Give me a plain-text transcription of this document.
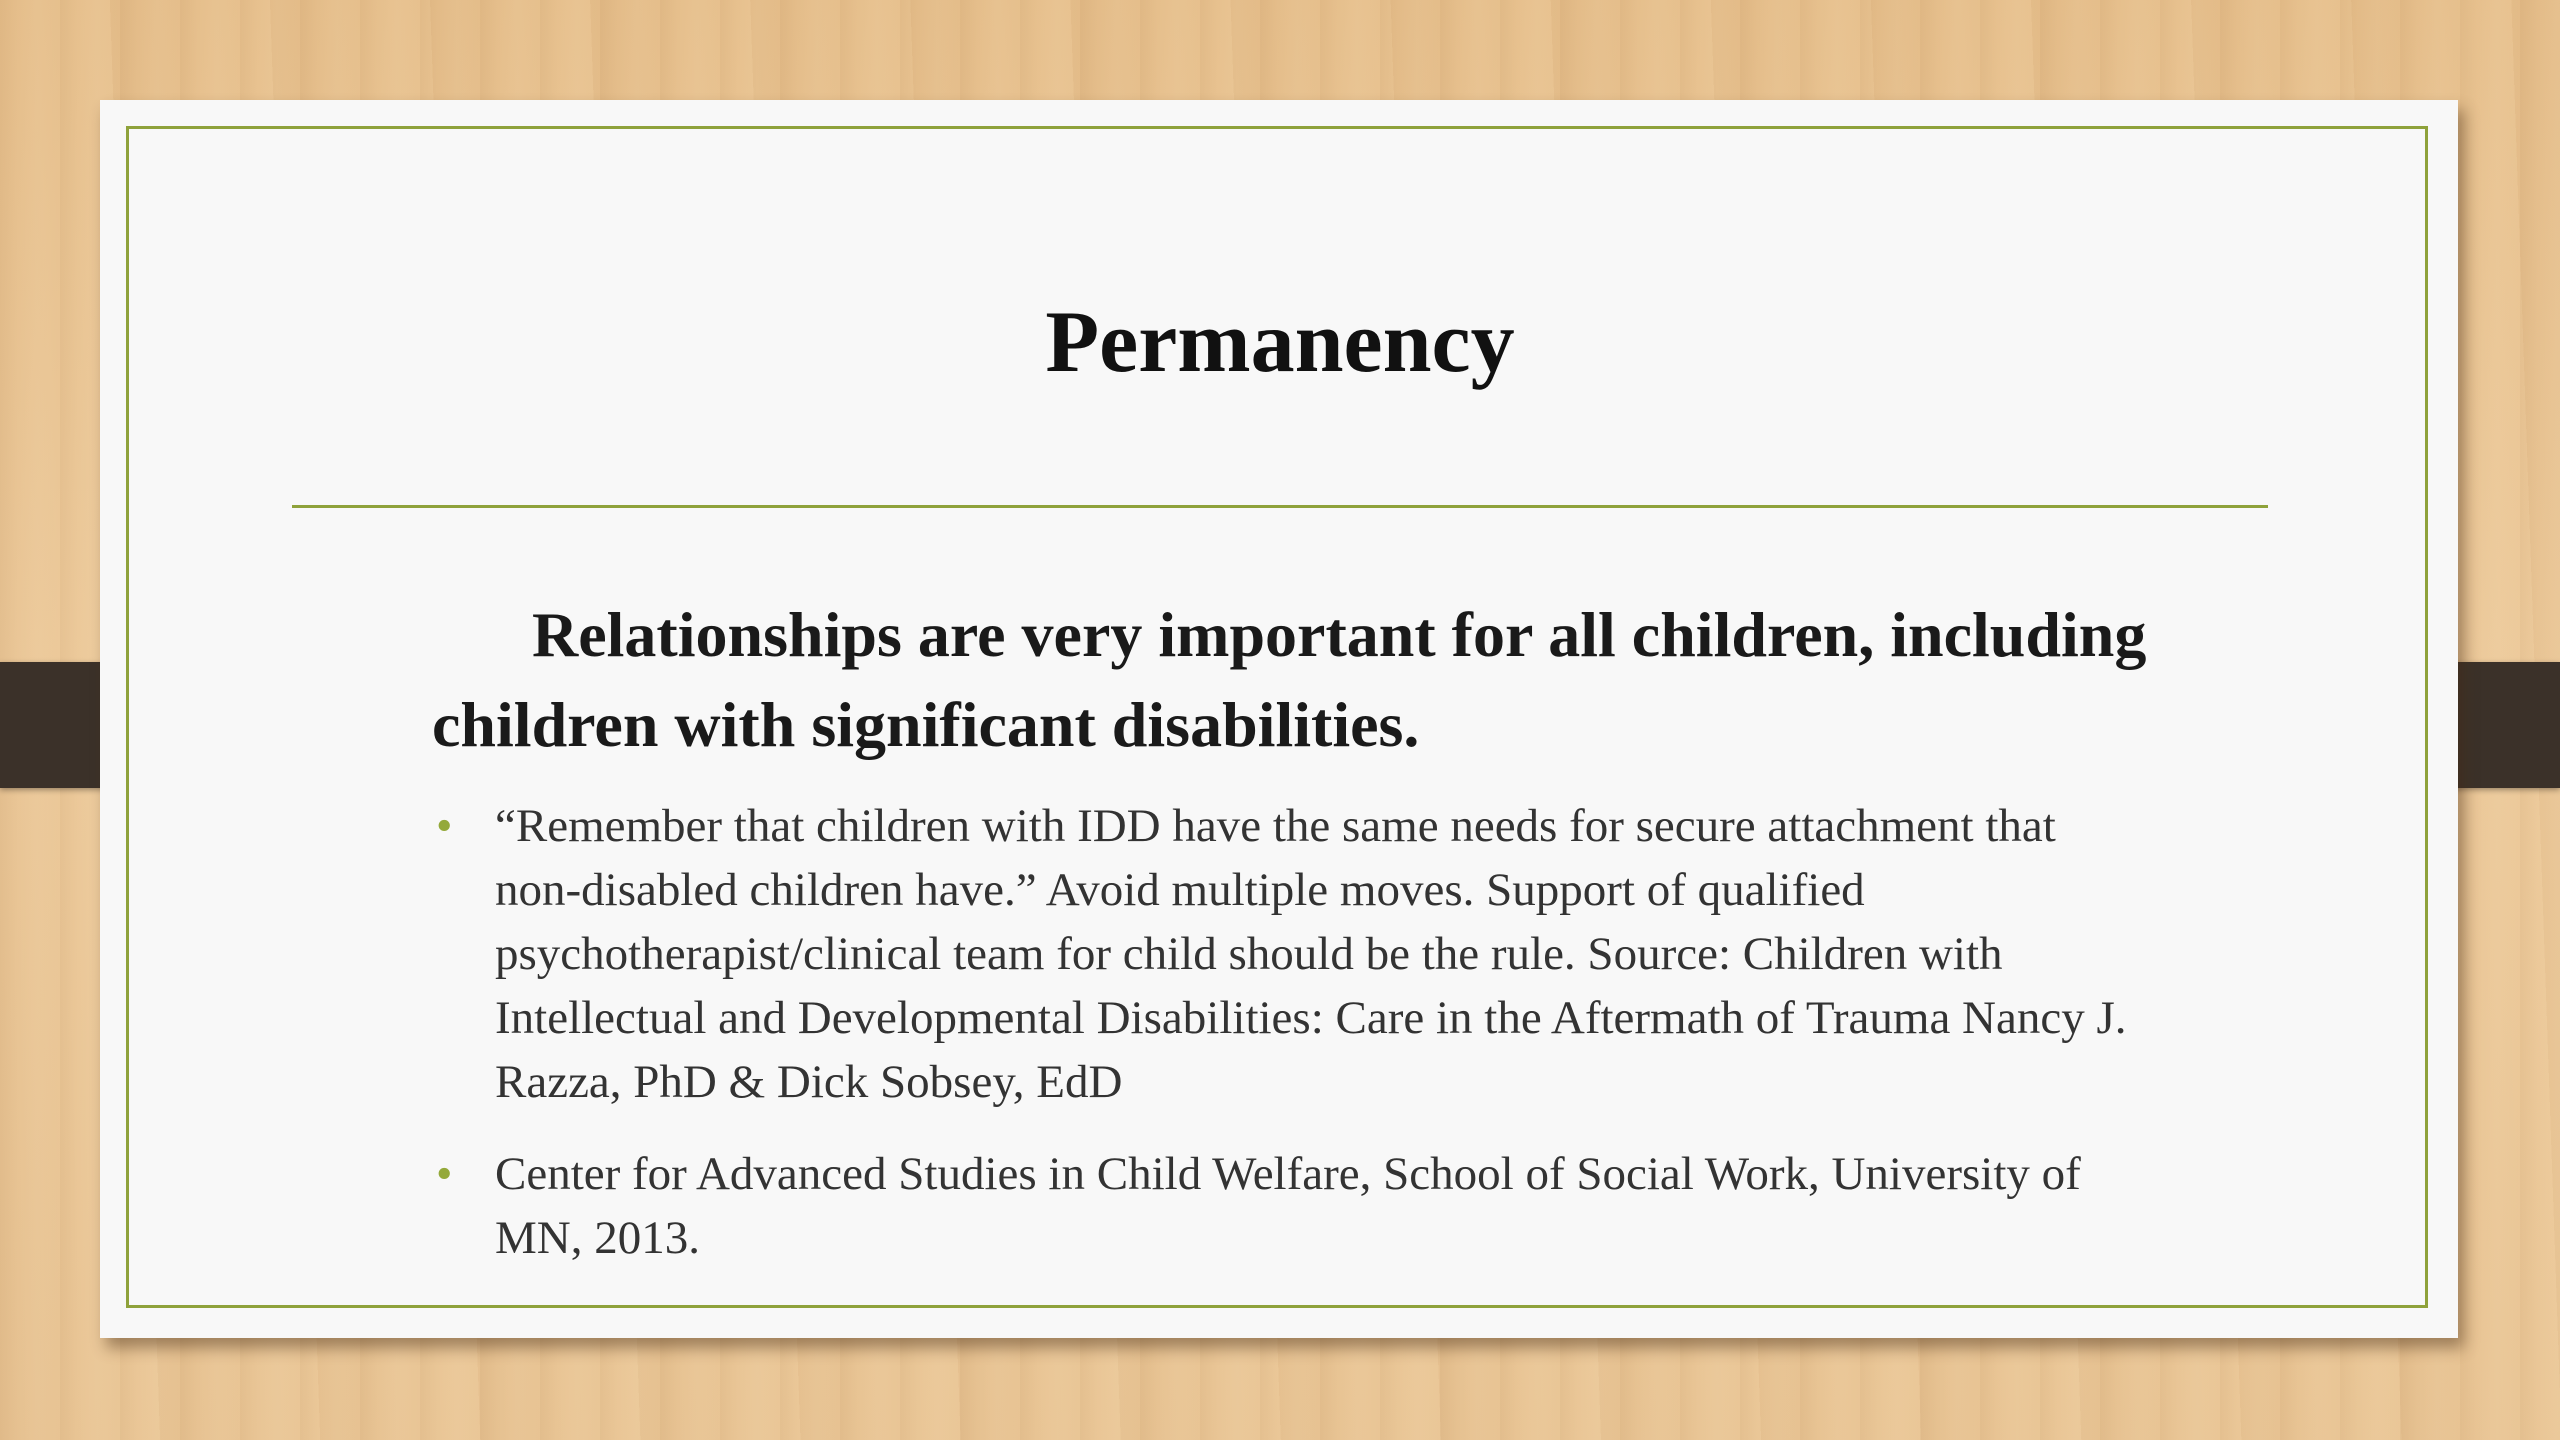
Permanency

Relationships are very important for all children, including children with significant disabilities.

• “Remember that children with IDD have the same needs for secure attachment that non-disabled children have.” Avoid multiple moves. Support of qualified psychotherapist/clinical team for child should be the rule. Source: Children with Intellectual and Developmental Disabilities: Care in the Aftermath of Trauma Nancy J. Razza, PhD & Dick Sobsey, EdD
• Center for Advanced Studies in Child Welfare, School of Social Work, University of MN, 2013.
